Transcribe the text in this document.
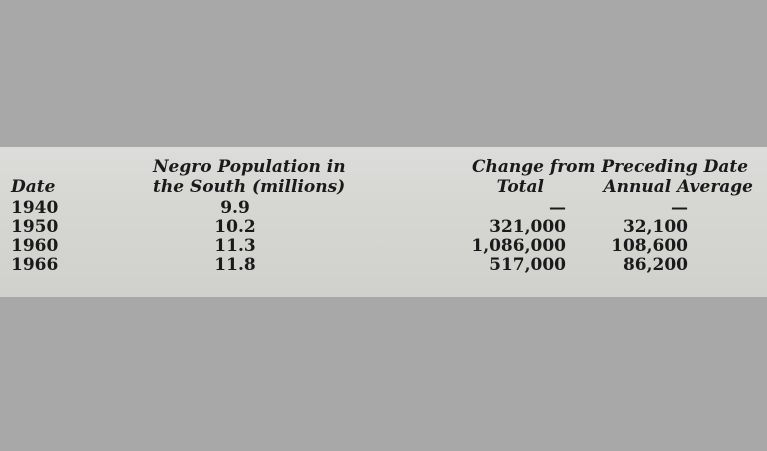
Negro Population in
the South (millions)
Date
Change from Preceding Date
Total	Annual Average
1940	9.9	—	—
1950	10.2	321,000	32,100
1960	11.3	1,086,000	108,600
1966	11.8	517,000	86,200
